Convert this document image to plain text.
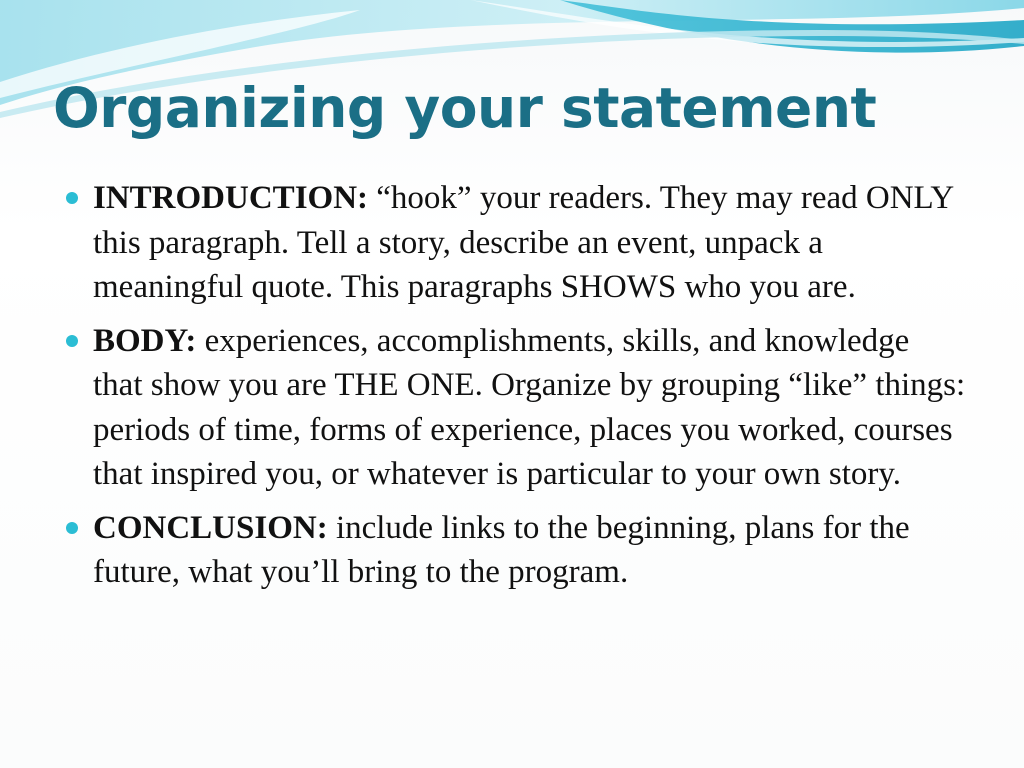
Organizing your statement
INTRODUCTION: “hook” your readers. They may read ONLY this paragraph. Tell a story, describe an event, unpack a meaningful quote. This paragraphs SHOWS who you are.
BODY: experiences, accomplishments, skills, and knowledge that show you are THE ONE. Organize by grouping “like” things: periods of time, forms of experience, places you worked, courses that inspired you, or whatever is particular to your own story.
CONCLUSION: include links to the beginning, plans for the future, what you’ll bring to the program.
